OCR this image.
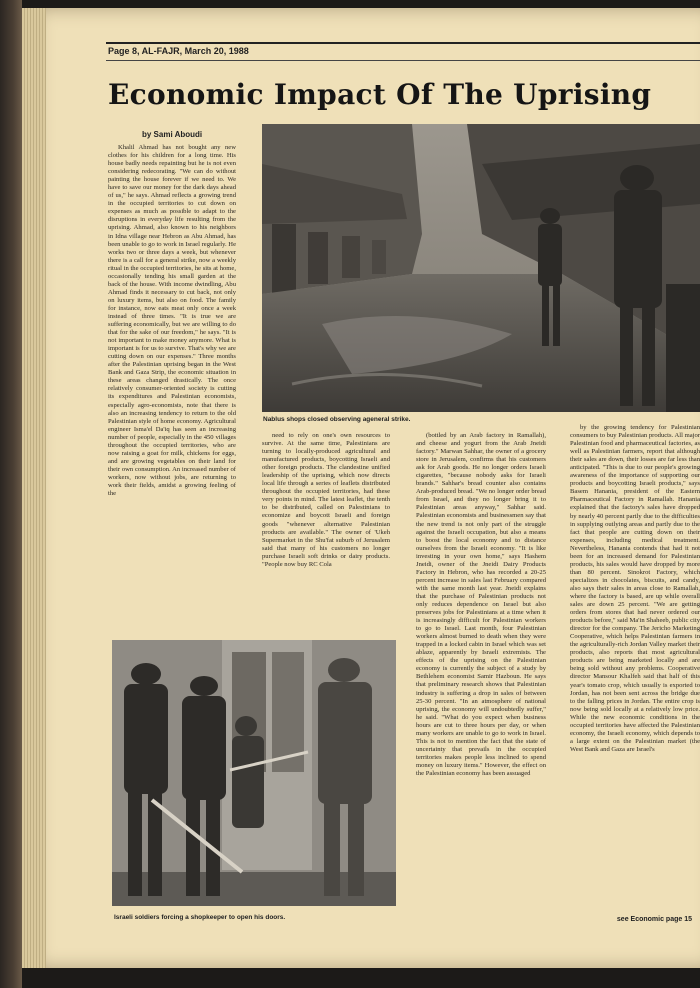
Page 8, AL-FAJR, March 20, 1988
Economic Impact Of The Uprising
by Sami Aboudi

Khalil Ahmad has not bought any new clothes for his children for a long time. His house badly needs repainting but he is not even considering redecorating. "We can do without painting the house forever if we need to. We have to save our money for the dark days ahead of us," he says. Ahmad reflects a growing trend in the occupied territories to cut down on expenses as much as possible to adapt to the disruptions in everyday life resulting from the uprising. Ahmad, also known to his neighbors in Idna village near Hebron as Abu Ahmad, has been unable to go to work in Israel regularly. He works two or three days a week, but whenever there is a call for a general strike, now a weekly ritual in the occupied territories, he sits at home, occasionally tending his small garden at the back of the house. With income dwindling, Abu Ahmad finds it necessary to cut back, not only on luxury items, but also on food. The family for instance, now eats meat only once a week instead of three times. "It is true we are suffering economically, but we are willing to do that for the sake of our freedom," he says. "It is not important to make money anymore. What is important is for us to survive. That's why we are cutting down on our expenses." Three months after the Palestinian uprising began in the West Bank and Gaza Strip, the economic situation in these areas changed drastically. The once relatively consumer-oriented society is cutting its expenditures and Palestinian economists, especially agro-economists, note that there is also an increasing tendency to return to the old Palestinian style of home economy. Agricultural engineer Isma'el Da'iq has seen an increasing number of people, especially in the 450 villages throughout the occupied territories, who are now raising a goat for milk, chickens for eggs, and are growing vegetables on their land for their own consumption. An increased number of workers, now without jobs, are returning to work their fields, amidst a growing feeling of the

Nablus shops closed observing ageneral strike.

need to rely on one's own resources to survive. At the same time, Palestinians are turning to locally-produced agricultural and manufactured products, boycotting Israeli and other foreign products. The clandestine unified leadership of the uprising, which now directs local life through a series of leaflets distributed throughout the occupied territories, had these very points in mind. The latest leaflet, the tenth to be distributed, called on Palestinians to economize and boycott Israeli and foreign goods "whenever alternative Palestinian products are available." The owner of 'Ukeh Supermarket in the Shu'fat suburb of Jerusalem said that many of his customers no longer purchase Israeli soft drinks or dairy products. "People now buy RC Cola

(bottled by an Arab factory in Ramallah), and cheese and yogurt from the Arab Jneidi factory." Marwan Sahhar, the owner of a grocery store in Jerusalem, confirms that his customers ask for Arab goods. He no longer orders Israeli cigarettes, "because nobody asks for Israeli brands." Sahhar's bread counter also contains Arab-produced bread. "We no longer order bread from Israel, and they no longer bring it to Palestinian areas anyway," Sahhar said. Palestinian economists and businessmen say that the new trend is not only part of the struggle against the Israeli occupation, but also a means to boost the local economy and to distance ourselves from the Israeli economy. "It is like investing in your own home," says Hashem Jneidi, owner of the Jneidi Dairy Products Factory in Hebron, who has recorded a 20-25 percent increase in sales last February compared with the same month last year. Jneidi explains that the purchase of Palestinian products not only reduces dependence on Israel but also preserves jobs for Palestinians at a time when it is increasingly difficult for Palestinian workers to go to Israel. Last month, four Palestinian workers almost burned to death when they were trapped in a locked cabin in Israel which was set ablaze, apparently by Israeli extremists. The effects of the uprising on the Palestinian economy is currently the subject of a study by Bethlehem economist Samir Hazboun. He says that preliminary research shows that Palestinian industry is suffering a drop in sales of between 25-30 percent. "In an atmosphere of national uprising, the economy will undoubtedly suffer," he said. "What do you expect when business hours are cut to three hours per day, or when many workers are unable to go to work in Israel. This is not to mention the fact that the state of uncertainty that prevails in the occupied territories makes people less inclined to spend money on luxury items." However, the effect on the Palestinian economy has been assuaged

by the growing tendency for Palestinian consumers to buy Palestinian products. All major Palestinian food and pharmaceutical factories, as well as Palestinian farmers, report that although their sales are down, their losses are far less than anticipated. "This is due to our people's growing awareness of the importance of supporting our products and boycotting Israeli products," says Basem Hanania, president of the Eastern Pharmaceutical Factory in Ramallah. Hanania explained that the factory's sales have dropped by nearly 40 percent partly due to the difficulties in supplying outlying areas and partly due to the fact that people are cutting down on their expenses, including medical treatment. Nevertheless, Hanania contends that had it not been for an increased demand for Palestinian products, his sales would have dropped by more than 80 percent. Sinokrot Factory, which specializes in chocolates, biscuits, and candy, also says their sales in areas close to Ramallah, where the factory is based, are up while overall sales are down 25 percent. "We are getting orders from stores that had never ordered our products before," said Ma'in Shaheeb, public city director for the company. The Jericho Marketing Cooperative, which helps Palestinian farmers in the agriculturally-rich Jordan Valley market their products, also reports that most agricultural products are being marketed locally and are being sold without any problems. Cooperative director Mansour Khalfeh said that half of this year's tomato crop, which usually is exported to Jordan, has not been sent across the bridge due to the falling prices in Jordan. The entire crop is now being sold locally at a relatively low price. While the new economic conditions in the occupied territories have affected the Palestinian economy, the Israeli economy, which depends to a large extent on the Palestinian market (the West Bank and Gaza are Israel's

Israeli soldiers forcing a shopkeeper to open his doors.	see Economic page 15
